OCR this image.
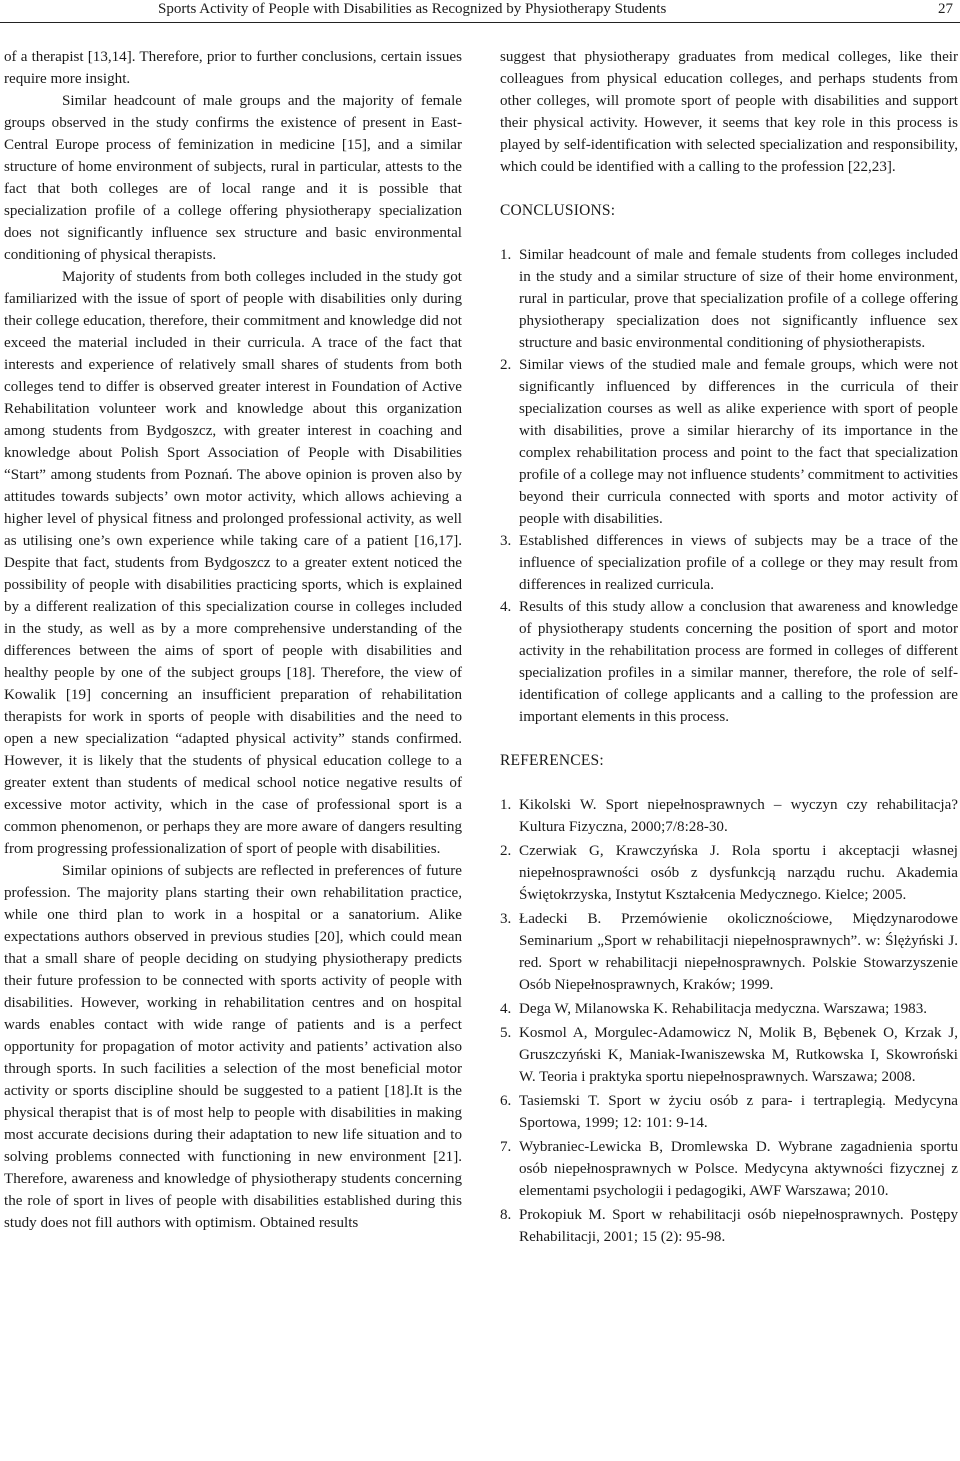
Sports Activity of People with Disabilities as Recognized by Physiotherapy Students	27

of a therapist [13,14]. Therefore, prior to further conclusions, certain issues require more insight.

Similar headcount of male groups and the majority of female groups observed in the study confirms the existence of present in East-Central Europe process of feminization in medicine [15], and a similar structure of home environment of subjects, rural in particular, attests to the fact that both colleges are of local range and it is possible that specialization profile of a college offering physiotherapy specialization does not significantly influence sex structure and basic environmental conditioning of physical therapists.

Majority of students from both colleges included in the study got familiarized with the issue of sport of people with disabilities only during their college education, therefore, their commitment and knowledge did not exceed the material included in their curricula. A trace of the fact that interests and experience of relatively small shares of students from both colleges tend to differ is observed greater interest in Foundation of Active Rehabilitation volunteer work and knowledge about this organization among students from Bydgoszcz, with greater interest in coaching and knowledge about Polish Sport Association of People with Disabilities “Start” among students from Poznań. The above opinion is proven also by attitudes towards subjects’ own motor activity, which allows achieving a higher level of physical fitness and prolonged professional activity, as well as utilising one’s own experience while taking care of a patient [16,17]. Despite that fact, students from Bydgoszcz to a greater extent noticed the possibility of people with disabilities practicing sports, which is explained by a different realization of this specialization course in colleges included in the study, as well as by a more comprehensive understanding of the differences between the aims of sport of people with disabilities and healthy people by one of the subject groups [18]. Therefore, the view of Kowalik [19] concerning an insufficient preparation of rehabilitation therapists for work in sports of people with disabilities and the need to open a new specialization “adapted physical activity” stands confirmed. However, it is likely that the students of physical education college to a greater extent than students of medical school notice negative results of excessive motor activity, which in the case of professional sport is a common phenomenon, or perhaps they are more aware of dangers resulting from progressing professionalization of sport of people with disabilities.

Similar opinions of subjects are reflected in preferences of future profession. The majority plans starting their own rehabilitation practice, while one third plan to work in a hospital or a sanatorium. Alike expectations authors observed in previous studies [20], which could mean that a small share of people deciding on studying physiotherapy predicts their future profession to be connected with sports activity of people with disabilities. However, working in rehabilitation centres and on hospital wards enables contact with wide range of patients and is a perfect opportunity for propagation of motor activity and patients’ activation also through sports. In such facilities a selection of the most beneficial motor activity or sports discipline should be suggested to a patient [18].It is the physical therapist that is of most help to people with disabilities in making most accurate decisions during their adaptation to new life situation and to solving problems connected with functioning in new environment [21]. Therefore, awareness and knowledge of physiotherapy students concerning the role of sport in lives of people with disabilities established during this study does not fill authors with optimism. Obtained results

suggest that physiotherapy graduates from medical colleges, like their colleagues from physical education colleges, and perhaps students from other colleges, will promote sport of people with disabilities and support their physical activity. However, it seems that key role in this process is played by self-identification with selected specialization and responsibility, which could be identified with a calling to the profession [22,23].

CONCLUSIONS:

1. Similar headcount of male and female students from colleges included in the study and a similar structure of size of their home environment, rural in particular, prove that specialization profile of a college offering physiotherapy specialization does not significantly influence sex structure and basic environmental conditioning of physiotherapists.
2. Similar views of the studied male and female groups, which were not significantly influenced by differences in the curricula of their specialization courses as well as alike experience with sport of people with disabilities, prove a similar hierarchy of its importance in the complex rehabilitation process and point to the fact that specialization profile of a college may not influence students’ commitment to activities beyond their curricula connected with sports and motor activity of people with disabilities.
3. Established differences in views of subjects may be a trace of the influence of specialization profile of a college or they may result from differences in realized curricula.
4. Results of this study allow a conclusion that awareness and knowledge of physiotherapy students concerning the position of sport and motor activity in the rehabilitation process are formed in colleges of different specialization profiles in a similar manner, therefore, the role of self-identification of college applicants and a calling to the profession are important elements in this process.

REFERENCES:

1. Kikolski W. Sport niepełnosprawnych – wyczyn czy rehabilitacja? Kultura Fizyczna, 2000;7/8:28-30.
2. Czerwiak G, Krawczyńska J. Rola sportu i akceptacji własnej niepełnosprawności osób z dysfunkcją narządu ruchu. Akademia Świętokrzyska, Instytut Kształcenia Medycznego. Kielce; 2005.
3. Ładecki B. Przemówienie okolicznościowe, Międzynarodowe Seminarium „Sport w rehabilitacji niepełnosprawnych”. w: Ślężyński J. red. Sport w rehabilitacji niepełnosprawnych. Polskie Stowarzyszenie Osób Niepełnosprawnych, Kraków; 1999.
4. Dega W, Milanowska K. Rehabilitacja medyczna. Warszawa; 1983.
5. Kosmol A, Morgulec-Adamowicz N, Molik B, Bębenek O, Krzak J, Gruszczyński K, Maniak-Iwaniszewska M, Rutkowska I, Skowroński W. Teoria i praktyka sportu niepełnosprawnych. Warszawa; 2008.
6. Tasiemski T. Sport w życiu osób z para- i tertraplegią. Medycyna Sportowa, 1999; 12: 101: 9-14.
7. Wybraniec-Lewicka B, Dromlewska D. Wybrane zagadnienia sportu osób niepełnosprawnych w Polsce. Medycyna aktywności fizycznej z elementami psychologii i pedagogiki, AWF Warszawa; 2010.
8. Prokopiuk M. Sport w rehabilitacji osób niepełnosprawnych. Postępy Rehabilitacji, 2001; 15 (2): 95-98.
